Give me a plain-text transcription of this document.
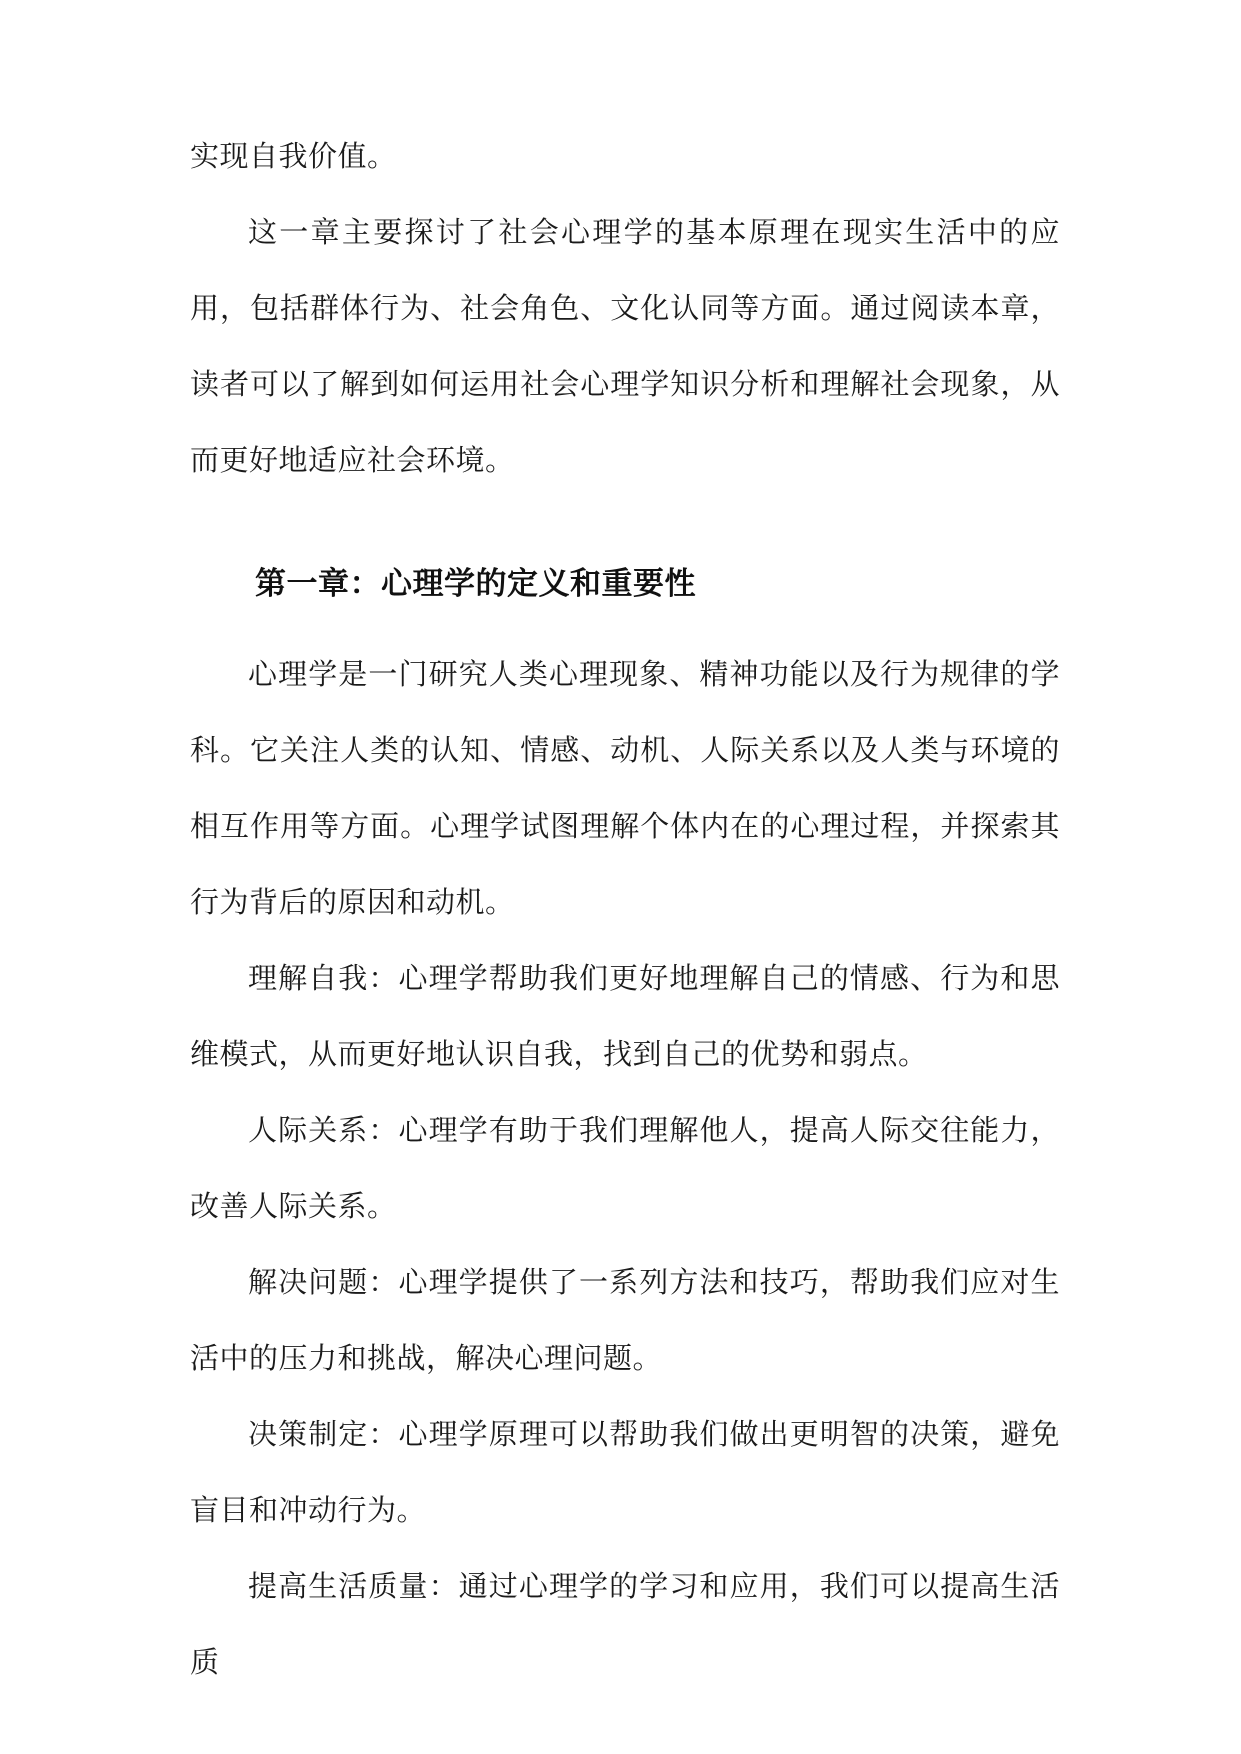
实现自我价值。

这一章主要探讨了社会心理学的基本原理在现实生活中的应用，包括群体行为、社会角色、文化认同等方面。通过阅读本章，读者可以了解到如何运用社会心理学知识分析和理解社会现象，从而更好地适应社会环境。

第一章：心理学的定义和重要性

心理学是一门研究人类心理现象、精神功能以及行为规律的学科。它关注人类的认知、情感、动机、人际关系以及人类与环境的相互作用等方面。心理学试图理解个体内在的心理过程，并探索其行为背后的原因和动机。

理解自我：心理学帮助我们更好地理解自己的情感、行为和思维模式，从而更好地认识自我，找到自己的优势和弱点。

人际关系：心理学有助于我们理解他人，提高人际交往能力，改善人际关系。

解决问题：心理学提供了一系列方法和技巧，帮助我们应对生活中的压力和挑战，解决心理问题。

决策制定：心理学原理可以帮助我们做出更明智的决策，避免盲目和冲动行为。

提高生活质量：通过心理学的学习和应用，我们可以提高生活质
